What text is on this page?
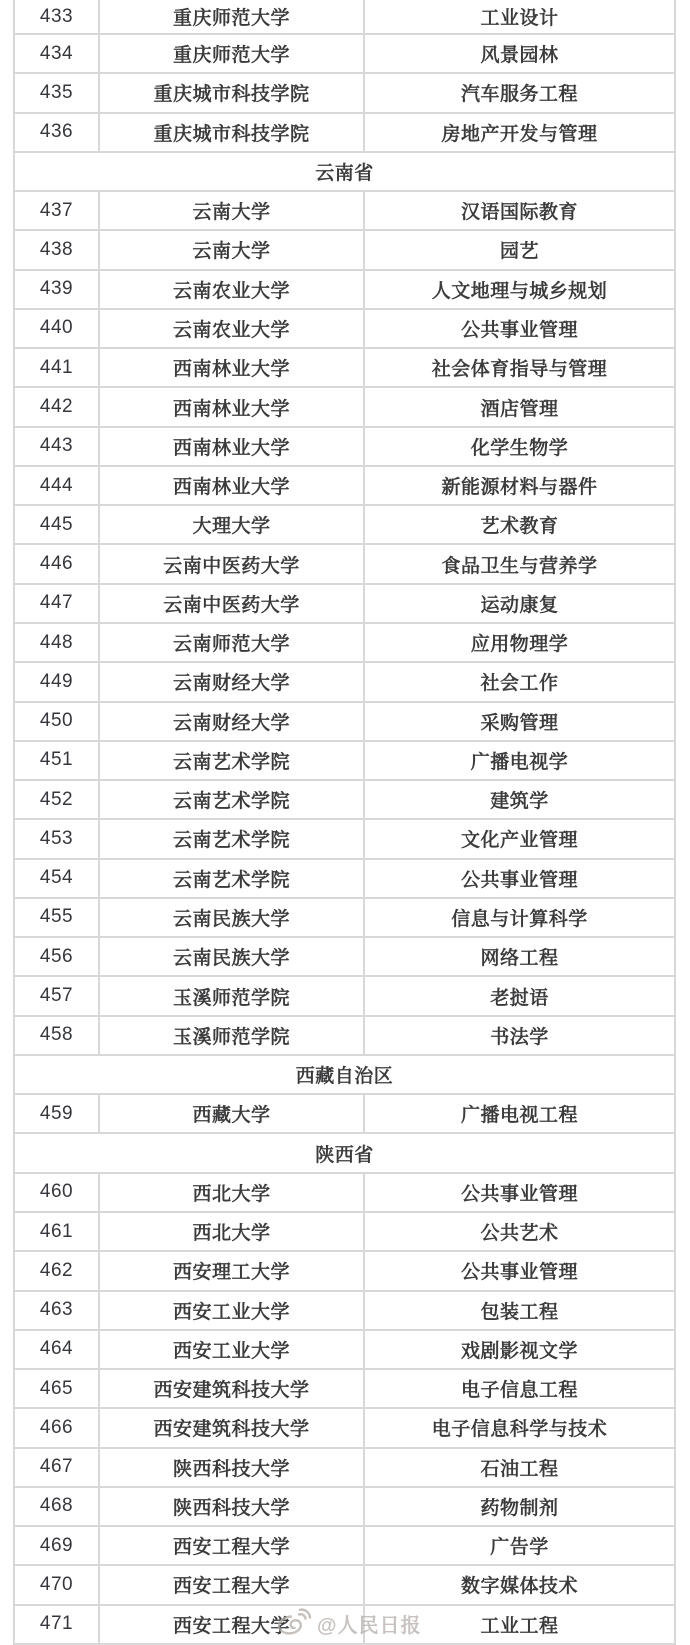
433	重庆师范大学	工业设计
434	重庆师范大学	风景园林
435	重庆城市科技学院	汽车服务工程
436	重庆城市科技学院	房地产开发与管理
云南省
437	云南大学	汉语国际教育
438	云南大学	园艺
439	云南农业大学	人文地理与城乡规划
440	云南农业大学	公共事业管理
441	西南林业大学	社会体育指导与管理
442	西南林业大学	酒店管理
443	西南林业大学	化学生物学
444	西南林业大学	新能源材料与器件
445	大理大学	艺术教育
446	云南中医药大学	食品卫生与营养学
447	云南中医药大学	运动康复
448	云南师范大学	应用物理学
449	云南财经大学	社会工作
450	云南财经大学	采购管理
451	云南艺术学院	广播电视学
452	云南艺术学院	建筑学
453	云南艺术学院	文化产业管理
454	云南艺术学院	公共事业管理
455	云南民族大学	信息与计算科学
456	云南民族大学	网络工程
457	玉溪师范学院	老挝语
458	玉溪师范学院	书法学
西藏自治区
459	西藏大学	广播电视工程
陕西省
460	西北大学	公共事业管理
461	西北大学	公共艺术
462	西安理工大学	公共事业管理
463	西安工业大学	包装工程
464	西安工业大学	戏剧影视文学
465	西安建筑科技大学	电子信息工程
466	西安建筑科技大学	电子信息科学与技术
467	陕西科技大学	石油工程
468	陕西科技大学	药物制剂
469	西安工程大学	广告学
470	西安工程大学	数字媒体技术
471	西安工程大学	工业工程
@人民日报
